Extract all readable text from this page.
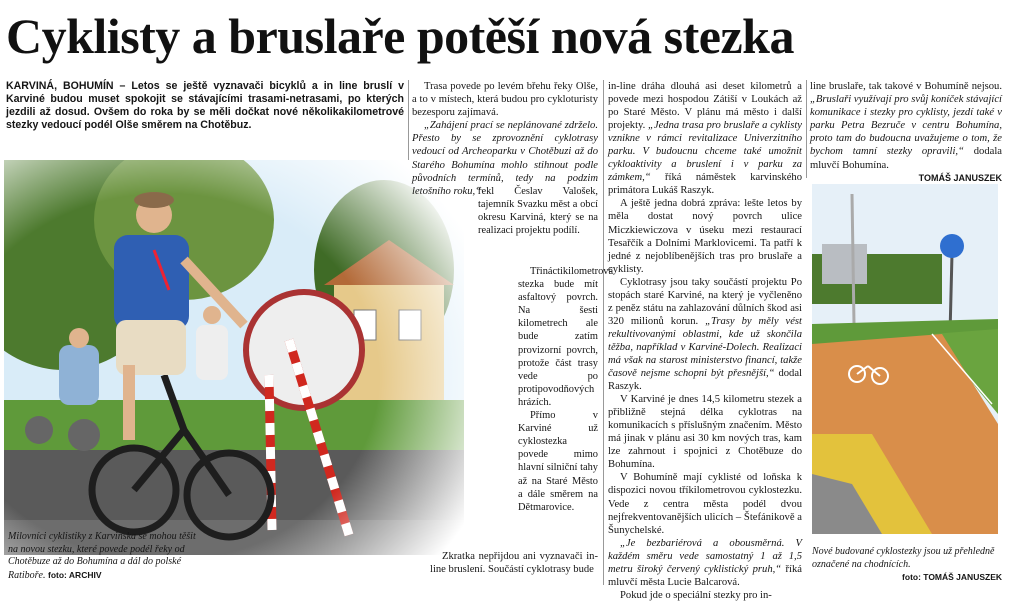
Cyklisty a bruslaře potěší nová stezka
KARVINÁ, BOHUMÍN – Letos se ještě vyznavači bicyklů a in line bruslí v Karviné budou muset spokojit se stávajícími trasami-netrasami, po kterých jezdili až dosud. Ovšem do roka by se měli dočkat nové několikakilometrové stezky vedoucí podél Olše směrem na Chotěbuz.
Trasa povede po levém břehu řeky Olše, a to v místech, která budou pro cykloturisty bezesporu zajímavá.
„Zahájení prací se neplánované zdrželo. Přesto by se zprovoznění cyklotrasy vedoucí od Archeoparku v Chotěbuzi až do Starého Bohumína mohlo stihnout podle původních termínů, tedy na podzim letošního roku,“
řekl Česlav Valošek, tajemník Svazku měst a obcí okresu Karviná, který se na realizaci projektu podílí.
Třináctikilometrová stezka bude mít asfaltový povrch. Na šesti kilometrech ale bude zatím provizorní povrch, protože část trasy vede po protipovodňových hrázích.
Přímo v Karviné už cyklostezka povede mimo hlavní silniční tahy až na Staré Město a dále směrem na Dětmarovice.
Zkratka nepřijdou ani vyznavači in-line bruslení. Součástí cyklotrasy bude
in-line dráha dlouhá asi deset kilometrů a povede mezi hospodou Zátiší v Loukách až po Staré Město. V plánu má město i další projekty. „Jedna trasa pro bruslaře a cyklisty vznikne v rámci revitalizace Univerzitního parku. V budoucnu chceme také umožnit cykloaktivity a bruslení i v parku za zámkem,“ říká náměstek karvinského primátora Lukáš Raszyk.
A ještě jedna dobrá zpráva: lešte letos by měla dostat nový povrch ulice Miczkiewiczova v úseku mezi restaurací Tesařčík a Dolními Marklovicemi. Ta patří k jedné z nejoblíbenějších tras pro bruslaře a cyklisty.
Cyklotrasy jsou taky součástí projektu Po stopách staré Karviné, na který je vyčleněno z peněz státu na zahlazování důlních škod asi 320 milionů korun. „Trasy by měly vést rekultivovanými oblastmi, kde už skončila těžba, například v Karviné-Dolech. Realizaci má však na starost ministerstvo financí, takže časově nejsme schopni být přesnější,“ dodal Raszyk.
V Karviné je dnes 14,5 kilometru stezek a přibližně stejná délka cyklotras na komunikacích s příslušným značením. Město má jinak v plánu asi 30 km nových tras, kam lze zahrnout i spojnici z Chotěbuze do Bohumína.
V Bohumíně mají cyklisté od loňska k dispozici novou tříkilometrovou cyklostezku. Vede z centra města podél dvou nejfrekventovanějších ulicích – Štefánikově a Šunychelské.
„Je bezbariérová a obousměrná. V každém směru vede samostatný 1 až 1,5 metru široký červený cyklistický pruh,“ říká mluvčí města Lucie Balcarová.
Pokud jde o speciální stezky pro in-
line bruslaře, tak takové v Bohumíně nejsou. „Bruslaři využívají pro svůj koníček stávající komunikace i stezky pro cyklisty, jezdí také v parku Petra Bezruče v centru Bohumína, proto tam do budoucna uvažujeme o tom, že bychom tamní stezky opravili,“ dodala mluvčí Bohumína.
TOMÁŠ JANUSZEK
Milovníci cyklistiky z Karvinska se mohou těšit na novou stezku, které povede podél řeky od Chotěbuze až do Bohumína a dál do polské Ratiboře. foto: ARCHIV
Nové budované cyklostezky jsou už přehledně označené na chodnících.
foto: TOMÁŠ JANUSZEK
